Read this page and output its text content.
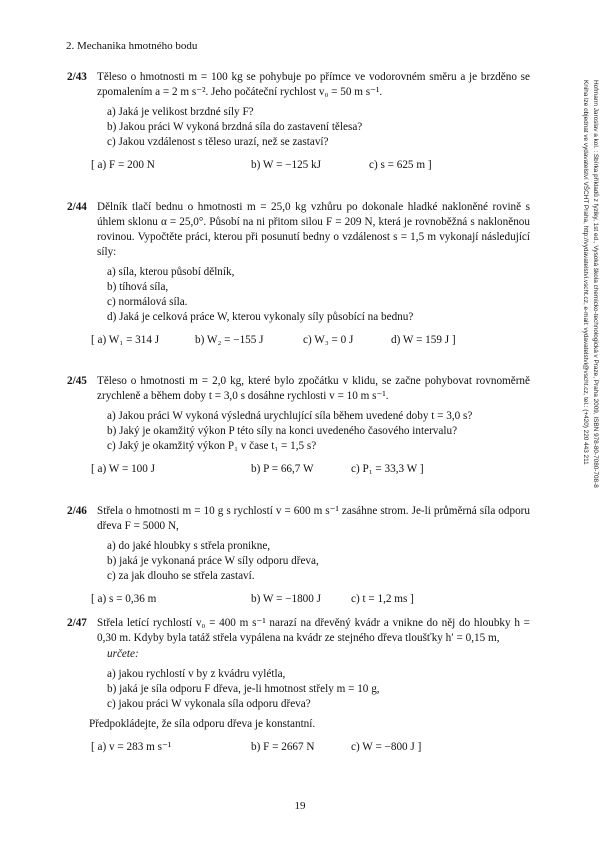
2. Mechanika hmotného bodu
Hofmann Jaroslav a kol. : Sbírka příkladů z fyziky, 1st ed., Vysoká škola chemicko-technologická v Praze, Praha 2009, ISBN 978-80-7080-708-8
Kniha lze objednat ve vydavatelství VŠCHT Praha, http://vydavatelstvi.vscht.cz, e-mail: vydavatelstvi@vscht.cz, tel.: (+420) 220 443 211
2/43 Těleso o hmotnosti m = 100 kg se pohybuje po přímce ve vodorovném směru a je brzděno se zpomalením a = 2 m s⁻². Jeho počáteční rychlost v₀ = 50 m s⁻¹.
a) Jaká je velikost brzdné síly F?
b) Jakou práci W vykoná brzdná síla do zastavení tělesa?
c) Jakou vzdálenost s těleso urazí, než se zastaví?
[ a) F = 200 N	b) W = −125 kJ	c) s = 625 m ]
2/44 Dělník tlačí bednu o hmotnosti m = 25,0 kg vzhůru po dokonale hladké nakloněné rovině s úhlem sklonu α = 25,0°. Působí na ni přitom silou F = 209 N, která je rovnoběžná s nakloněnou rovinou. Vypočtěte práci, kterou při posunutí bedny o vzdálenost s = 1,5 m vykonají následující síly:
a) síla, kterou působí dělník,
b) tíhová síla,
c) normálová síla.
d) Jaká je celková práce W, kterou vykonaly síly působící na bednu?
[ a) W₁ = 314 J	b) W₂ = −155 J	c) W₃ = 0 J	d) W = 159 J ]
2/45 Těleso o hmotnosti m = 2,0 kg, které bylo zpočátku v klidu, se začne pohybovat rovnoměrně zrychleně a během doby t = 3,0 s dosáhne rychlosti v = 10 m s⁻¹.
a) Jakou práci W vykoná výsledná urychlující síla během uvedené doby t = 3,0 s?
b) Jaký je okamžitý výkon P této síly na konci uvedeného časového intervalu?
c) Jaký je okamžitý výkon P₁ v čase t₁ = 1,5 s?
[ a) W = 100 J	b) P = 66,7 W	c) P₁ = 33,3 W ]
2/46 Střela o hmotnosti m = 10 g s rychlostí v = 600 m s⁻¹ zasáhne strom. Je-li průměrná síla odporu dřeva F = 5000 N,
a) do jaké hloubky s střela pronikne,
b) jaká je vykonaná práce W síly odporu dřeva,
c) za jak dlouho se střela zastaví.
[ a) s = 0,36 m	b) W = −1800 J	c) t = 1,2 ms ]
2/47 Střela letící rychlostí v₀ = 400 m s⁻¹ narazí na dřevěný kvádr a vnikne do něj do hloubky h = 0,30 m. Kdyby byla tatáž střela vypálena na kvádr ze stejného dřeva tloušťky h′ = 0,15 m,
určete:
a) jakou rychlostí v by z kvádru vylétla,
b) jaká je síla odporu F dřeva, je-li hmotnost střely m = 10 g,
c) jakou práci W vykonala síla odporu dřeva?
Předpokládejte, že síla odporu dřeva je konstantní.
[ a) v = 283 m s⁻¹	b) F = 2667 N	c) W = −800 J ]
19
